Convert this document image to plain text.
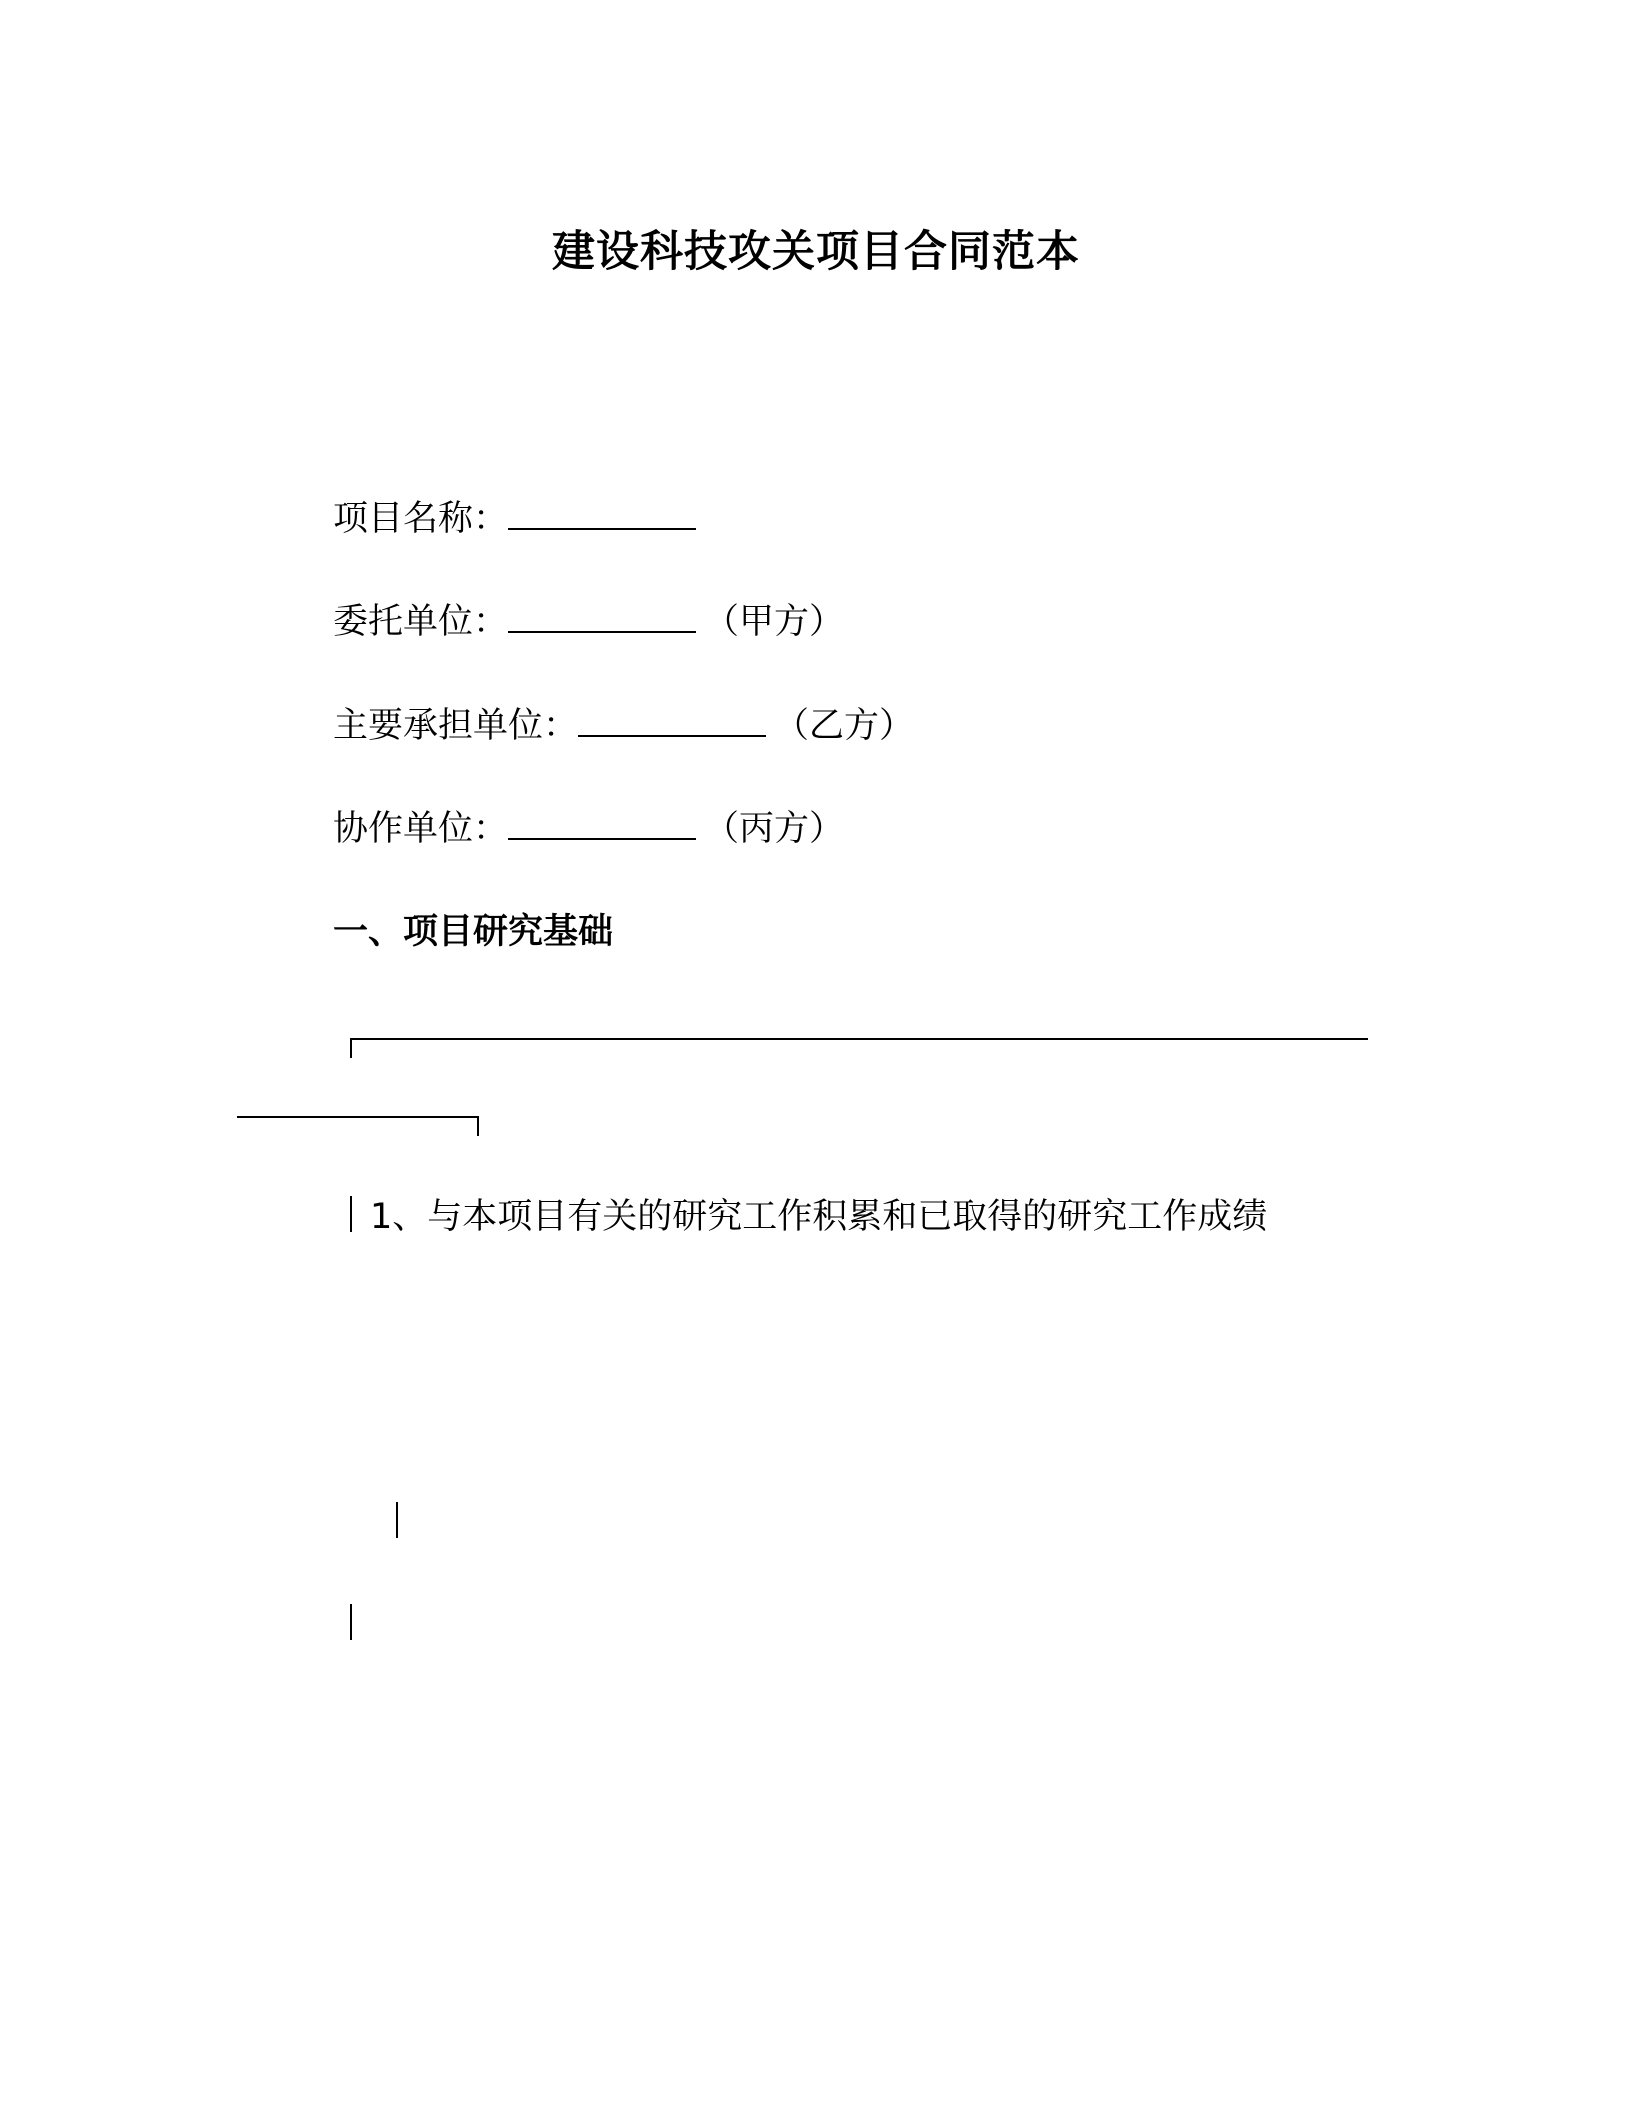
建设科技攻关项目合同范本
项目名称：
委托单位：	（甲方）
主要承担单位：	（乙方）
协作单位：	（丙方）
一、项目研究基础
1、与本项目有关的研究工作积累和已取得的研究工作成绩
